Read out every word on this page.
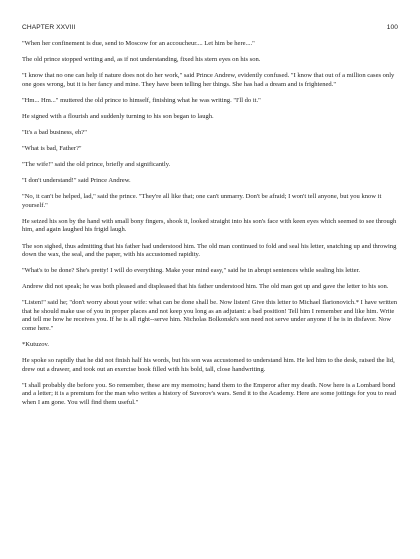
CHAPTER XXVIII	100

"When her confinement is due, send to Moscow for an accoucheur.... Let him be here...."

The old prince stopped writing and, as if not understanding, fixed his stern eyes on his son.

"I know that no one can help if nature does not do her work," said Prince Andrew, evidently confused. "I know that out of a million cases only one goes wrong, but it is her fancy and mine. They have been telling her things. She has had a dream and is frightened."

"Hm... Hm..." muttered the old prince to himself, finishing what he was writing. "I'll do it."

He signed with a flourish and suddenly turning to his son began to laugh.

"It's a bad business, eh?"

"What is bad, Father?"

"The wife!" said the old prince, briefly and significantly.

"I don't understand!" said Prince Andrew.

"No, it can't be helped, lad," said the prince. "They're all like that; one can't unmarry. Don't be afraid; I won't tell anyone, but you know it yourself."

He seized his son by the hand with small bony fingers, shook it, looked straight into his son's face with keen eyes which seemed to see through him, and again laughed his frigid laugh.

The son sighed, thus admitting that his father had understood him. The old man continued to fold and seal his letter, snatching up and throwing down the wax, the seal, and the paper, with his accustomed rapidity.

"What's to be done? She's pretty! I will do everything. Make your mind easy," said he in abrupt sentences while sealing his letter.

Andrew did not speak; he was both pleased and displeased that his father understood him. The old man got up and gave the letter to his son.

"Listen!" said he; "don't worry about your wife: what can be done shall be. Now listen! Give this letter to Michael Ilarionovich.* I have written that he should make use of you in proper places and not keep you long as an adjutant: a bad position! Tell him I remember and like him. Write and tell me how he receives you. If he is all right--serve him. Nicholas Bolkonski's son need not serve under anyone if he is in disfavor. Now come here."

*Kutuzov.

He spoke so rapidly that he did not finish half his words, but his son was accustomed to understand him. He led him to the desk, raised the lid, drew out a drawer, and took out an exercise book filled with his bold, tall, close handwriting.

"I shall probably die before you. So remember, these are my memoirs; hand them to the Emperor after my death. Now here is a Lombard bond and a letter; it is a premium for the man who writes a history of Suvorov's wars. Send it to the Academy. Here are some jottings for you to read when I am gone. You will find them useful."
